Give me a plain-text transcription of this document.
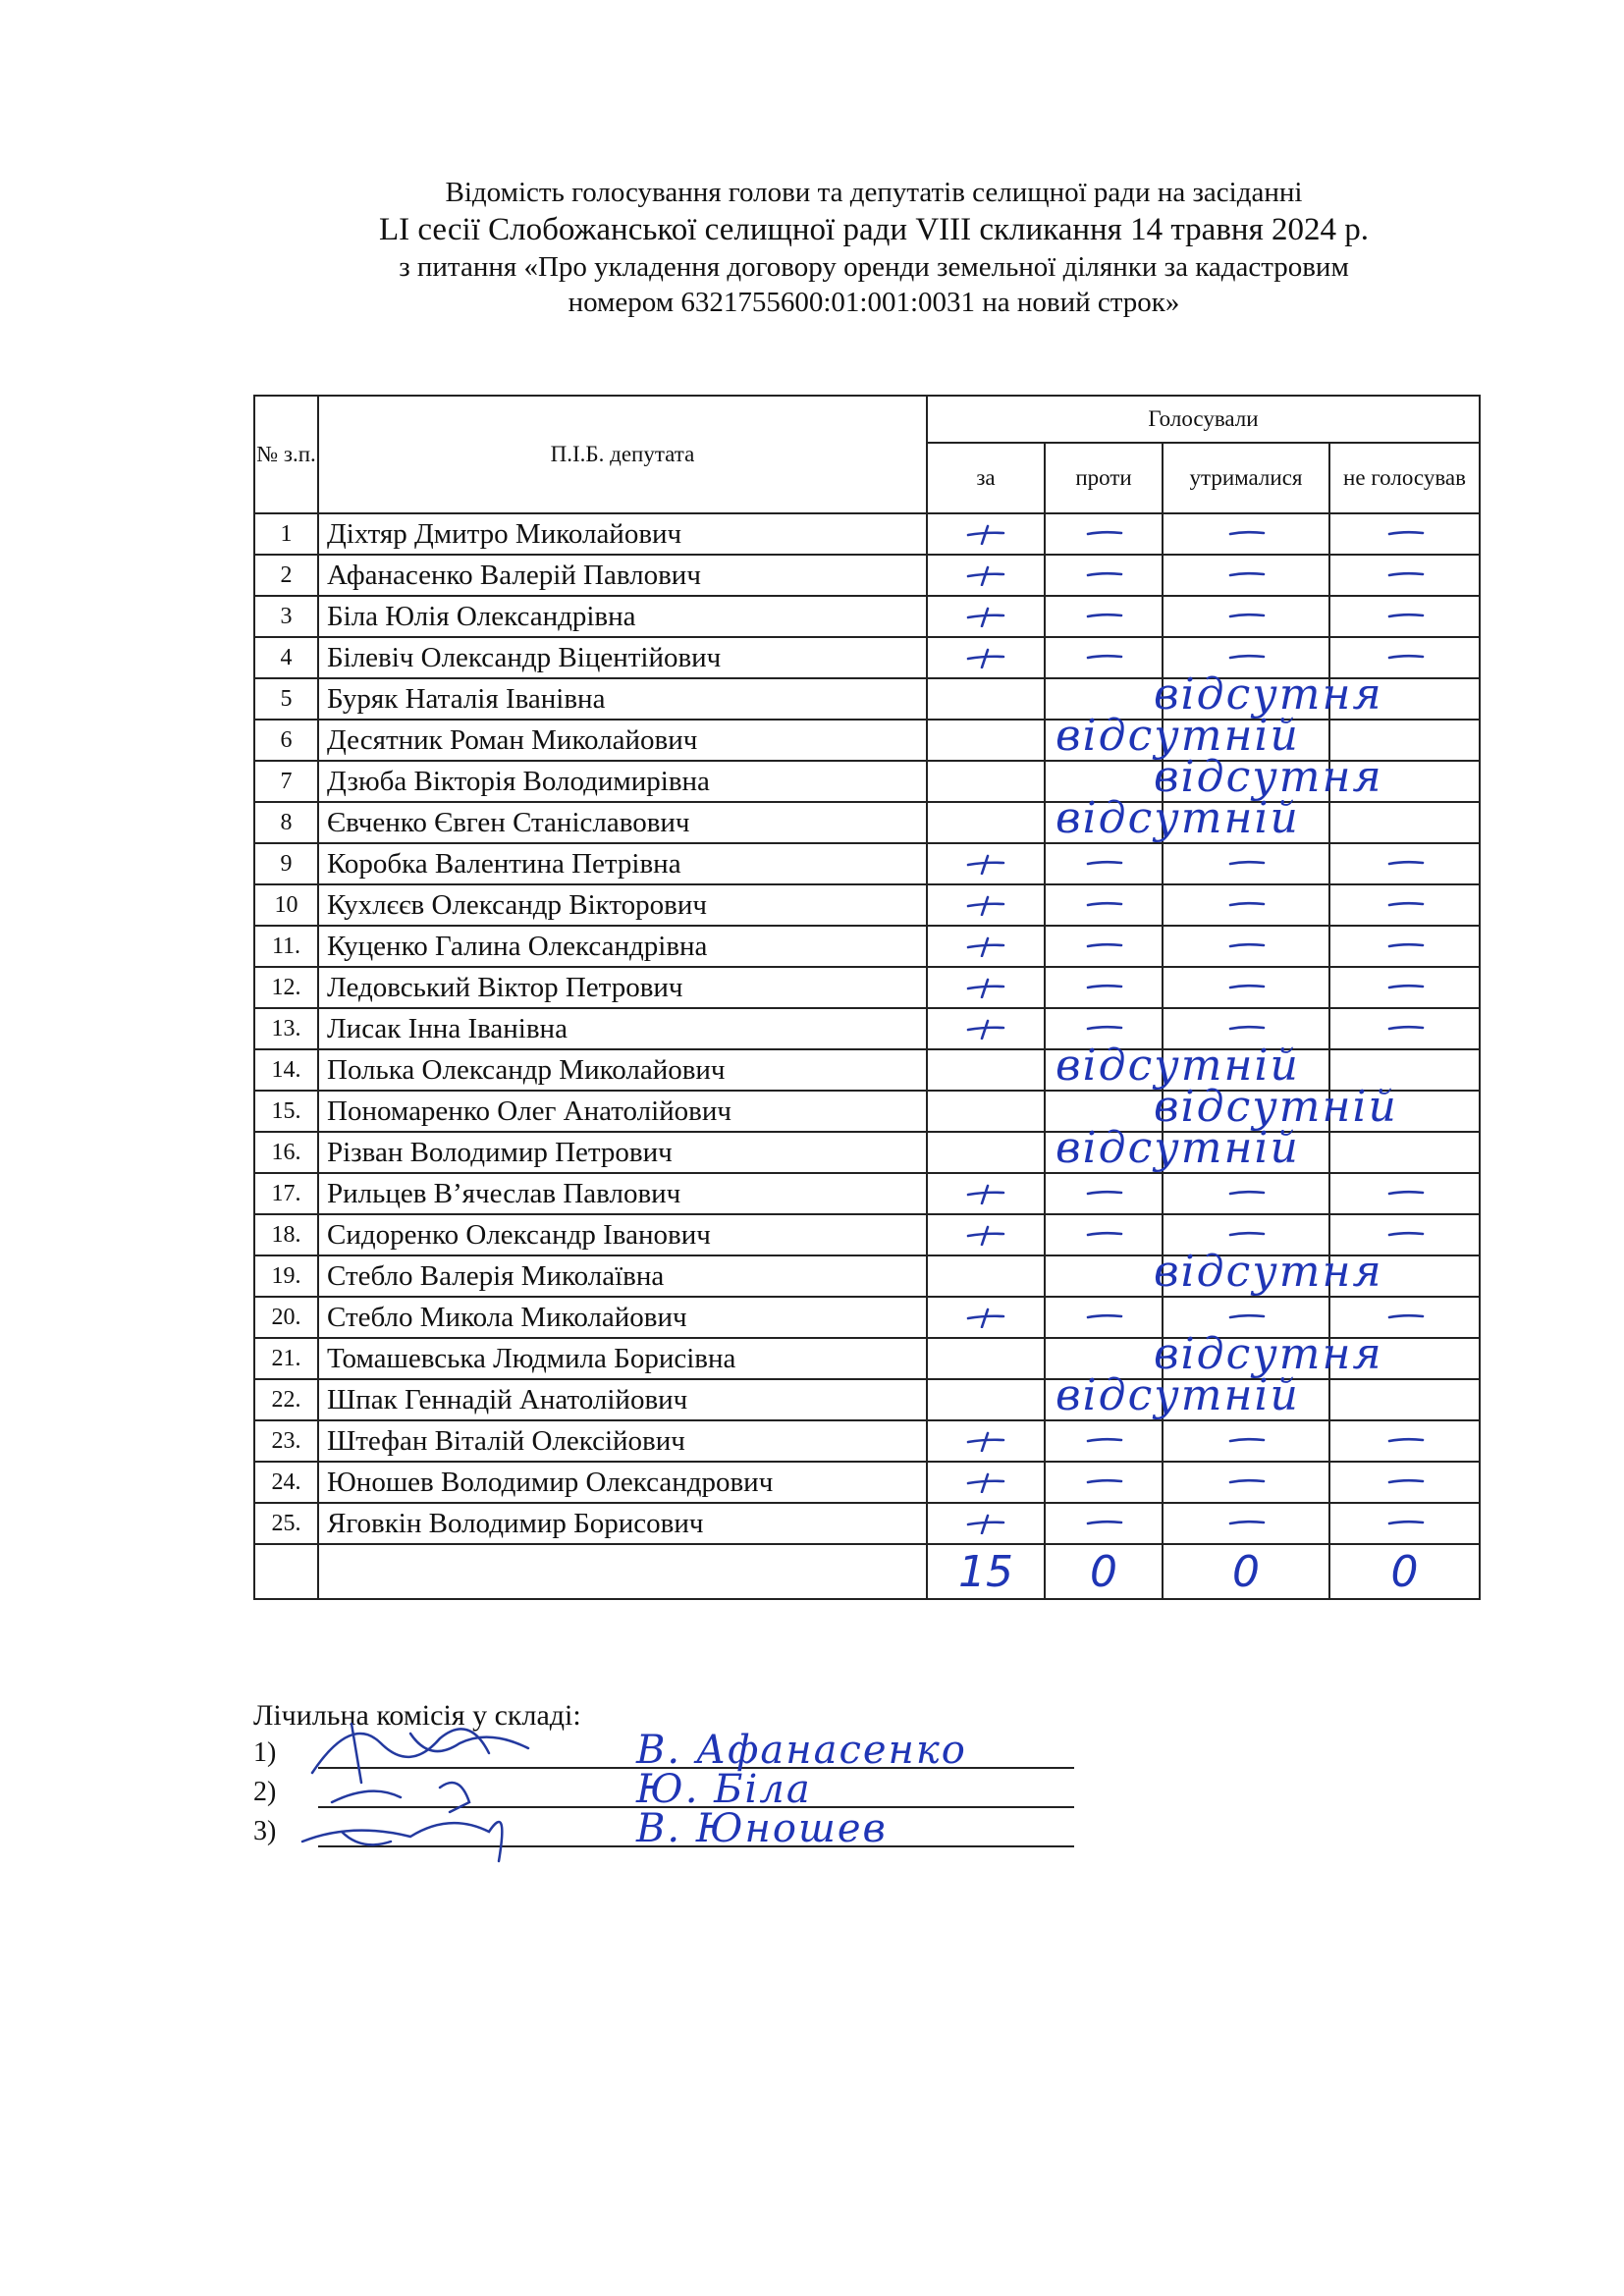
Відомість голосування голови та депутатів селищної ради на засіданні
LI сесії Слобожанської селищної ради VIII скликання 14 травня 2024 р.
з питання «Про укладення договору оренди земельної ділянки за кадастровим
номером 6321755600:01:001:0031 на новий строк»
№ з.п.	П.І.Б. депутата	Голосували			
		за	проти	утрималися	не голосував
1	Діхтяр Дмитро Миколайович				
2	Афанасенко Валерій Павлович				
3	Біла Юлія Олександрівна				
4	Білевіч Олександр Віцентійович				
5	Буряк Наталія Іванівна		відсутня		

6	Десятник Роман Миколайович		відсутній		

7	Дзюба Вікторія Володимирівна		відсутня		

8	Євченко Євген Станіславович		відсутній		

9	Коробка Валентина Петрівна				
10	Кухлєєв Олександр Вікторович				
11.	Куценко Галина Олександрівна				
12.	Ледовський Віктор Петрович				
13.	Лисак Інна Іванівна				
14.	Полька Олександр Миколайович		відсутній		

15.	Пономаренко Олег Анатолійович		відсутній		

16.	Різван Володимир Петрович		відсутній		

17.	Рильцев В’ячеслав Павлович				
18.	Сидоренко Олександр Іванович				
19.	Стебло Валерія Миколаївна		відсутня		

20.	Стебло Микола Миколайович				
21.	Томашевська Людмила Борисівна		відсутня		

22.	Шпак Геннадій Анатолійович		відсутній		

23.	Штефан Віталій Олексійович				
24.	Юношев Володимир Олександрович				
25.	Яговкін Володимир Борисович				
		15	0	0	0
Лічильна комісія у складі:
1)	В. Афанасенко
2)	Ю. Біла
3)	В. Юношев
